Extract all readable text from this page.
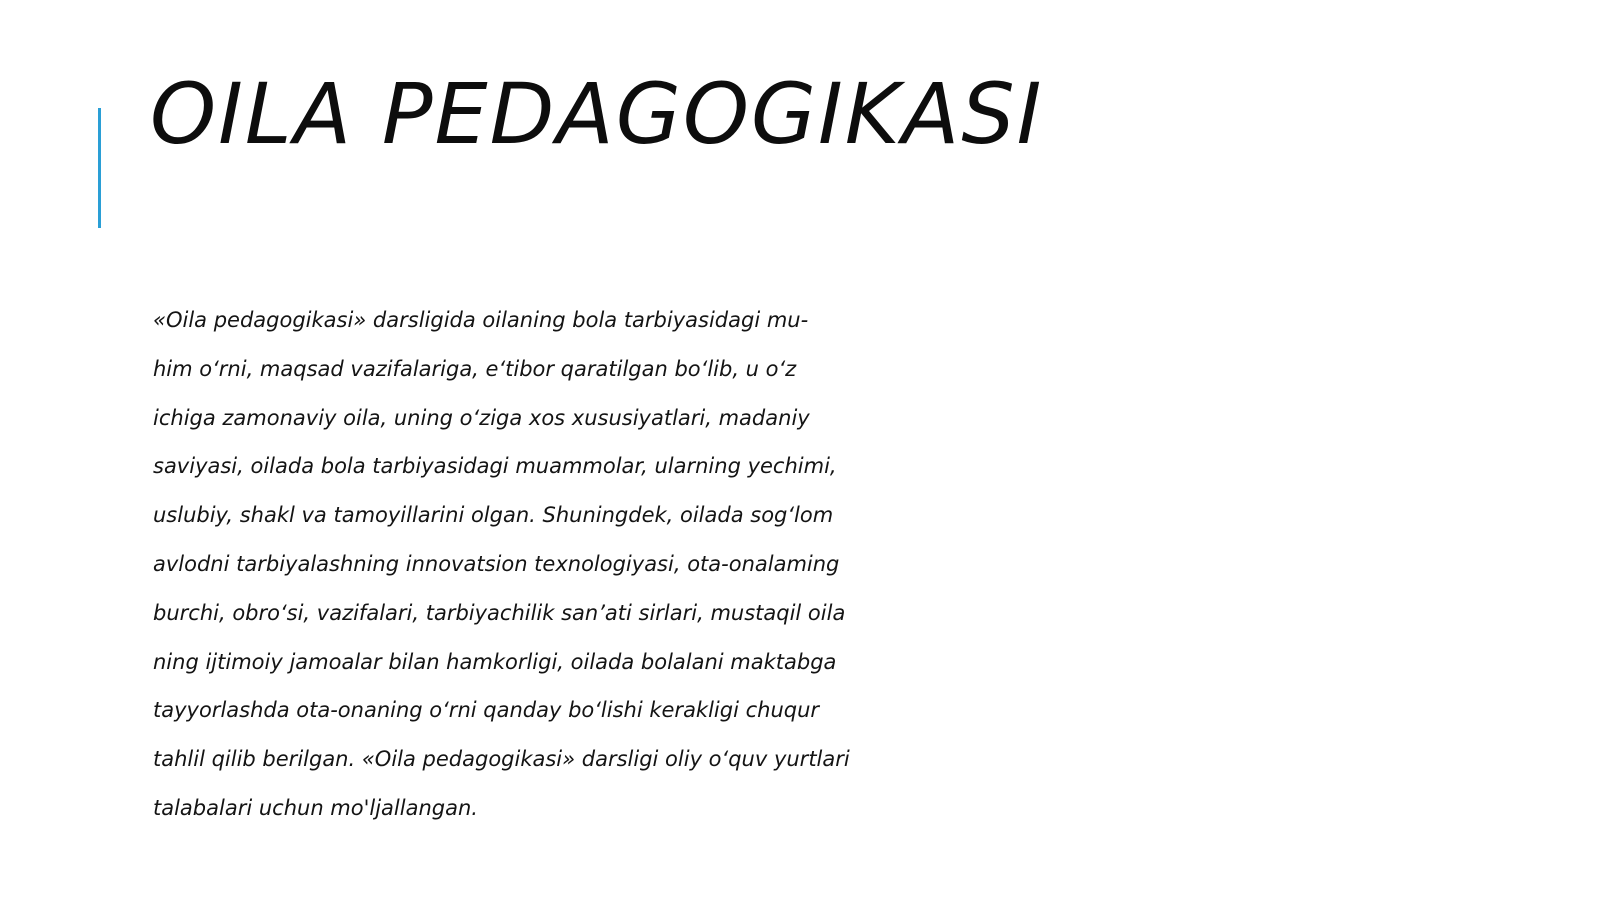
OILA PEDAGOGIKASI
«Oila pedagogikasi» darsligida oilaning bola tarbiyasidagi mu-
him o‘rni, maqsad vazifalariga, e‘tibor qaratilgan bo‘lib, u o‘z
ichiga zamonaviy oila, uning o‘ziga xos xususiyatlari, madaniy
saviyasi, oilada bola tarbiyasidagi muammolar, ularning yechimi,
uslubiy, shakl va tamoyillarini olgan. Shuningdek, oilada sog‘lom
avlodni tarbiyalashning innovatsion texnologiyasi, ota-onalaming
burchi, obro‘si, vazifalari, tarbiyachilik san’ati sirlari, mustaqil oila
ning ijtimoiy jamoalar bilan hamkorligi, oilada bolalani maktabga
tayyorlashda ota-onaning o‘rni qanday bo‘lishi kerakligi chuqur
tahlil qilib berilgan. «Oila pedagogikasi» darsligi oliy o‘quv yurtlari
talabalari uchun mo'ljallangan.
